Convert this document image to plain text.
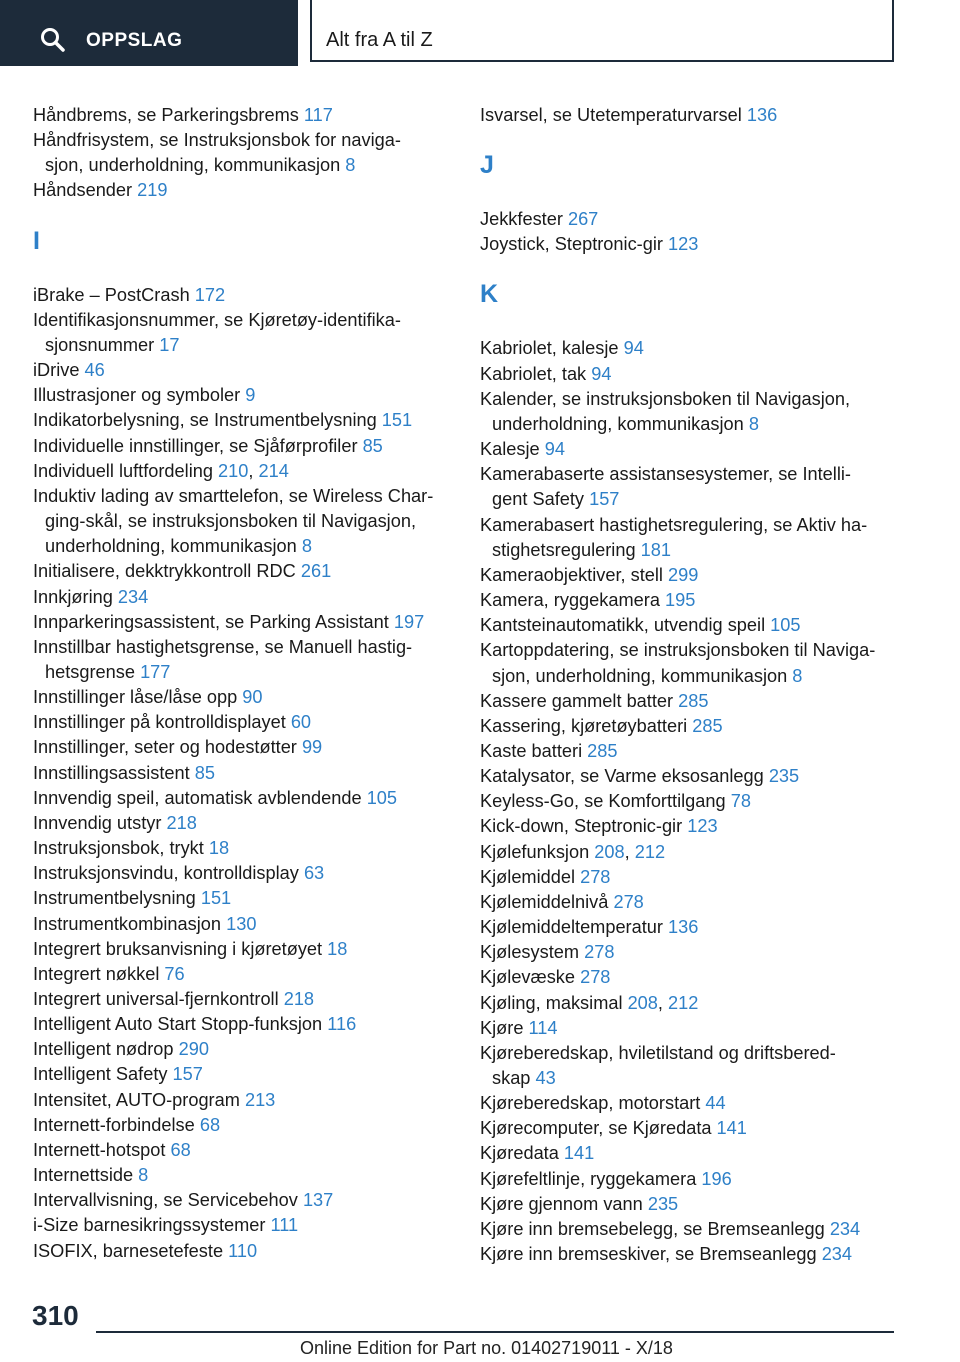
OPPSLAG	Alt fra A til Z
Håndbrems, se Parkeringsbrems 117
Håndfrisystem, se Instruksjonsbok for naviga-
sjon, underholdning, kommunikasjon 8
Håndsender 219
I
iBrake – PostCrash 172
Identifikasjonsnummer, se Kjøretøy-identifika-
sjonsnummer 17
iDrive 46
Illustrasjoner og symboler 9
Indikatorbelysning, se Instrumentbelysning 151
Individuelle innstillinger, se Sjåførprofiler 85
Individuell luftfordeling 210, 214
Induktiv lading av smarttelefon, se Wireless Char-
ging-skål, se instruksjonsboken til Navigasjon,
underholdning, kommunikasjon 8
Initialisere, dekktrykkontroll RDC 261
Innkjøring 234
Innparkeringsassistent, se Parking Assistant 197
Innstillbar hastighetsgrense, se Manuell hastig-
hetsgrense 177
Innstillinger låse/låse opp 90
Innstillinger på kontrolldisplayet 60
Innstillinger, seter og hodestøtter 99
Innstillingsassistent 85
Innvendig speil, automatisk avblendende 105
Innvendig utstyr 218
Instruksjonsbok, trykt 18
Instruksjonsvindu, kontrolldisplay 63
Instrumentbelysning 151
Instrumentkombinasjon 130
Integrert bruksanvisning i kjøretøyet 18
Integrert nøkkel 76
Integrert universal-fjernkontroll 218
Intelligent Auto Start Stopp-funksjon 116
Intelligent nødrop 290
Intelligent Safety 157
Intensitet, AUTO-program 213
Internett-forbindelse 68
Internett-hotspot 68
Internettside 8
Intervallvisning, se Servicebehov 137
i-Size barnesikringssystemer 111
ISOFIX, barnesetefeste 110
Isvarsel, se Utetemperaturvarsel 136
J
Jekkfester 267
Joystick, Steptronic-gir 123
K
Kabriolet, kalesje 94
Kabriolet, tak 94
Kalender, se instruksjonsboken til Navigasjon,
underholdning, kommunikasjon 8
Kalesje 94
Kamerabaserte assistansesystemer, se Intelli-
gent Safety 157
Kamerabasert hastighetsregulering, se Aktiv ha-
stighetsregulering 181
Kameraobjektiver, stell 299
Kamera, ryggekamera 195
Kantsteinautomatikk, utvendig speil 105
Kartoppdatering, se instruksjonsboken til Naviga-
sjon, underholdning, kommunikasjon 8
Kassere gammelt batter 285
Kassering, kjøretøybatteri 285
Kaste batteri 285
Katalysator, se Varme eksosanlegg 235
Keyless-Go, se Komforttilgang 78
Kick-down, Steptronic-gir 123
Kjølefunksjon 208, 212
Kjølemiddel 278
Kjølemiddelnivå 278
Kjølemiddeltemperatur 136
Kjølesystem 278
Kjølevæske 278
Kjøling, maksimal 208, 212
Kjøre 114
Kjøreberedskap, hviletilstand og driftsbered-
skap 43
Kjøreberedskap, motorstart 44
Kjørecomputer, se Kjøredata 141
Kjøredata 141
Kjørefeltlinje, ryggekamera 196
Kjøre gjennom vann 235
Kjøre inn bremsebelegg, se Bremseanlegg 234
Kjøre inn bremseskiver, se Bremseanlegg 234
310
Online Edition for Part no. 01402719011 - X/18
